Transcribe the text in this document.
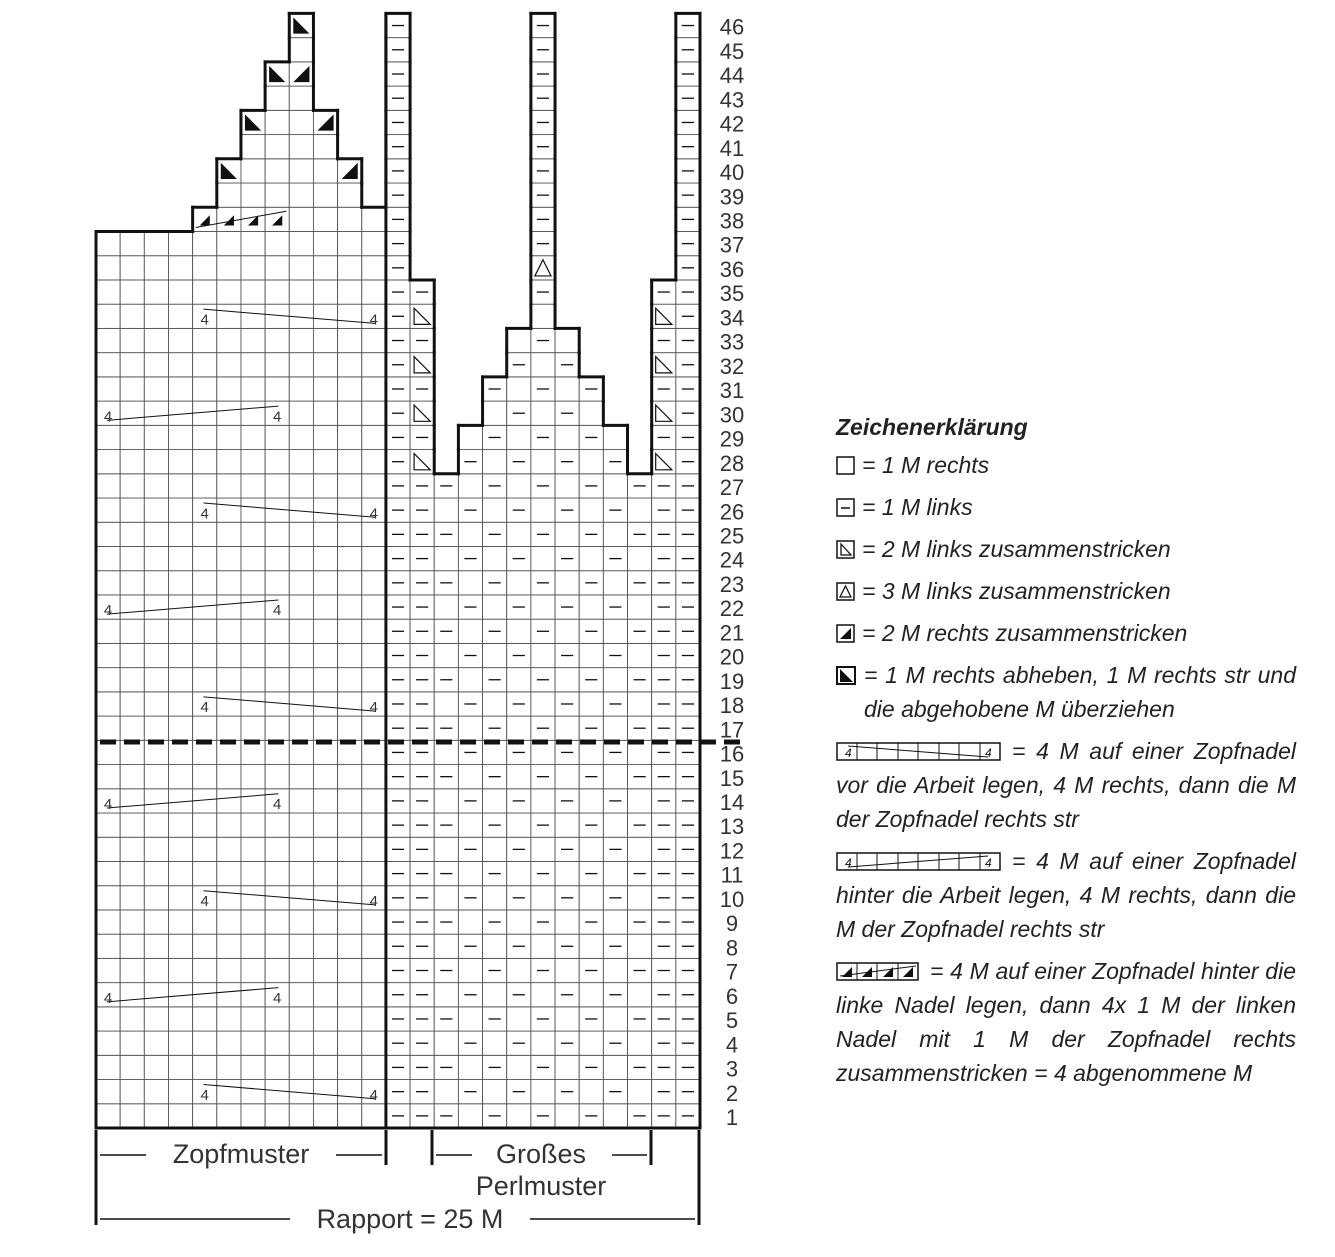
4	4
4	4
4	4
4	4
4	4
4	4
4	4
4	4
4	4
1
2
3
4
5
6
7
8
9
10
11
12
13
14
15
16
17
18
19
20
21
22
23
24
25
26
27
28
29
30
31
32
33
34
35
36
37
38
39
40
41
42
43
44
45
46
Zopfmuster	Großes
Perlmuster
Rapport = 25 M
Zeichenerklärung
= 1 M rechts
= 1 M links
= 2 M links zusammenstricken
= 3 M links zusammenstricken
= 2 M rechts zusammenstricken
= 1 M rechts abheben, 1 M rechts str und die abgehobene M überziehen
4	4 = 4 M auf einer Zopfnadel vor die Arbeit legen, 4 M rechts, dann die M der Zopfnadel rechts str
4	4 = 4 M auf einer Zopfnadel hinter die Arbeit legen, 4 M rechts, dann die M der Zopfnadel rechts str
= 4 M auf einer Zopfnadel hinter die linke Nadel legen, dann 4x 1 M der linken Nadel mit 1 M der Zopfnadel rechts zusammenstricken = 4 abgenommene M
